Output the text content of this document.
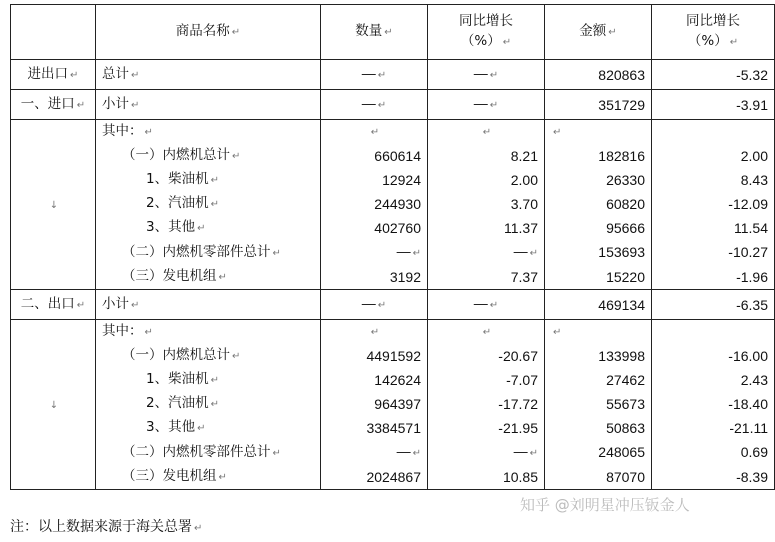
	商品名称 ↵	数量 ↵	同比增长
（%） ↵	金额 ↵	同比增长
（%） ↵
进出口 ↵	总计 ↵	— ↵	— ↵	820863	-5.32
一、进口 ↵	小计 ↵	— ↵	— ↵	351729	-3.91
↓	其中： ↵	↵	↵	↵	
	（一）内燃机总计 ↵	660614	8.21	182816	2.00
	1、柴油机 ↵	12924	2.00	26330	8.43
	2、汽油机 ↵	244930	3.70	60820	-12.09
	3、其他 ↵	402760	11.37	95666	11.54
	（二）内燃机零部件总计 ↵	— ↵	— ↵	153693	-10.27
	（三）发电机组 ↵	3192	7.37	15220	-1.96
二、出口 ↵	小计 ↵	— ↵	— ↵	469134	-6.35
↓	其中： ↵	↵	↵	↵	
	（一）内燃机总计 ↵	4491592	-20.67	133998	-16.00
	1、柴油机 ↵	142624	-7.07	27462	2.43
	2、汽油机 ↵	964397	-17.72	55673	-18.40
	3、其他 ↵	3384571	-21.95	50863	-21.11
	（二）内燃机零部件总计 ↵	— ↵	— ↵	248065	0.69
	（三）发电机组 ↵	2024867	10.85	87070	-8.39
知乎 @刘明星冲压钣金人
注：以上数据来源于海关总署 ↵
